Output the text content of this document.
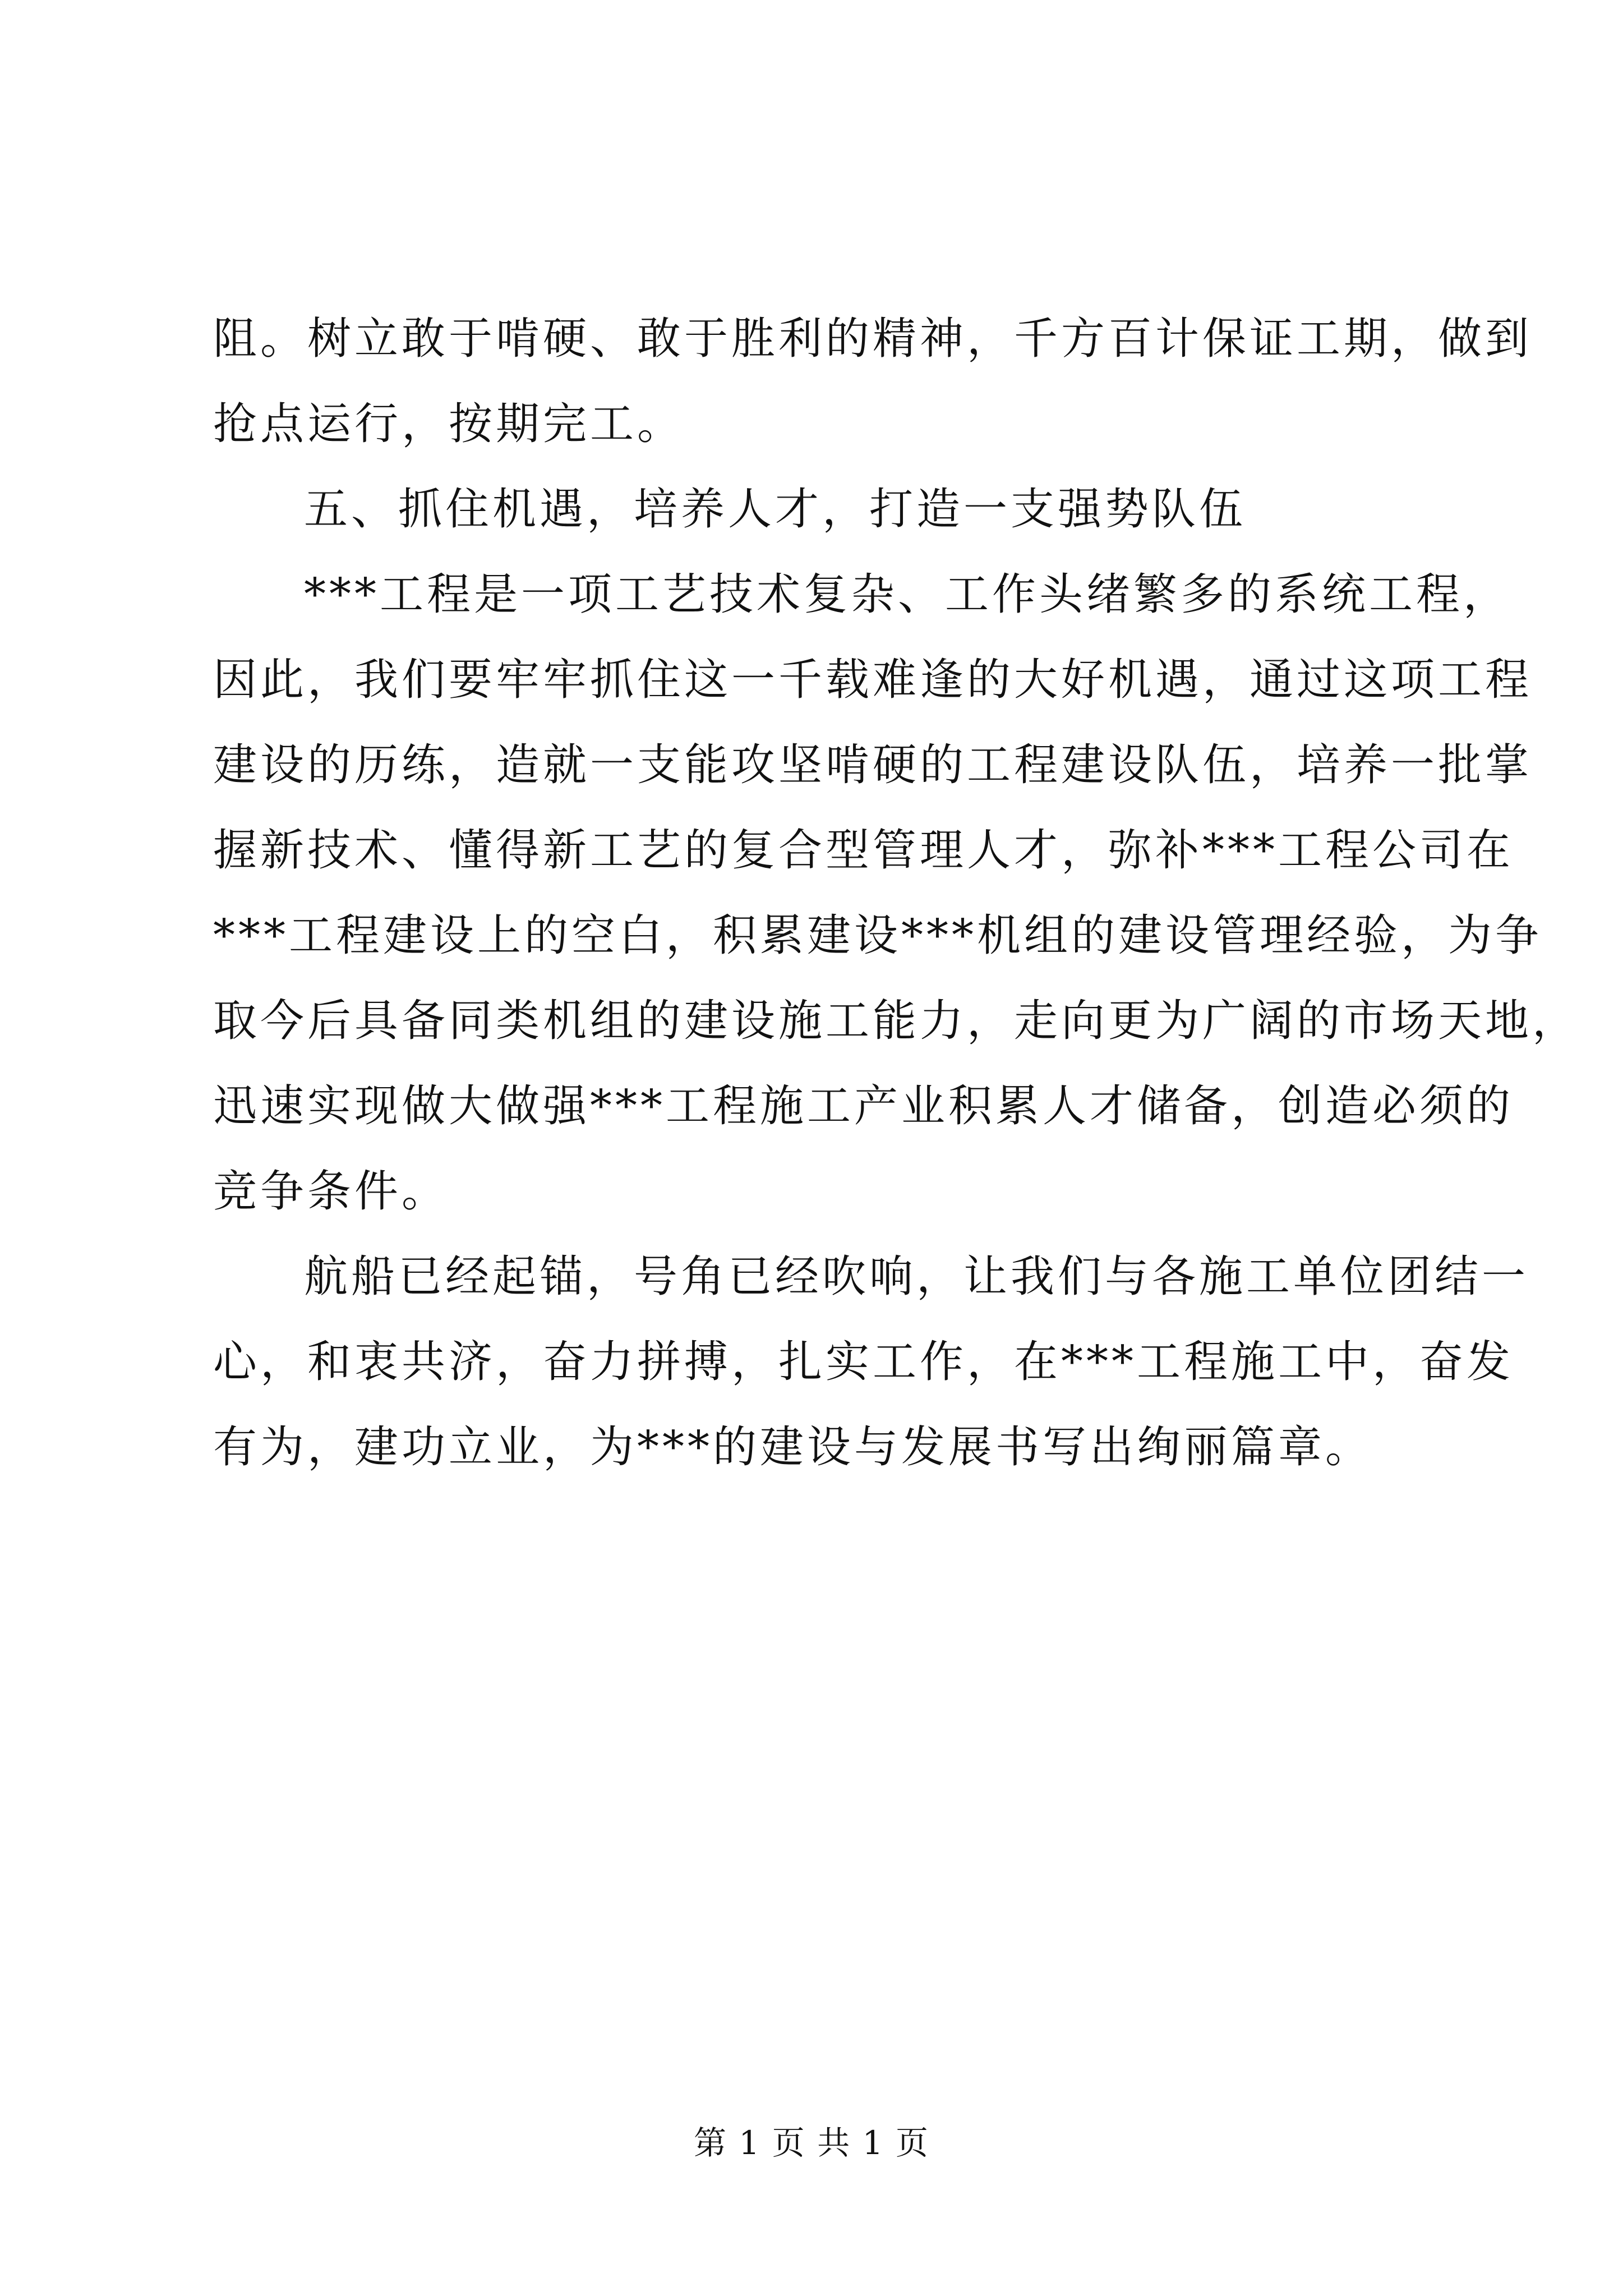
阻。树立敢于啃硬、敢于胜利的精神，千方百计保证工期，做到
抢点运行，按期完工。
五、抓住机遇，培养人才，打造一支强势队伍
***工程是一项工艺技术复杂、工作头绪繁多的系统工程，
因此，我们要牢牢抓住这一千载难逢的大好机遇，通过这项工程
建设的历练，造就一支能攻坚啃硬的工程建设队伍，培养一批掌
握新技术、懂得新工艺的复合型管理人才，弥补***工程公司在
***工程建设上的空白，积累建设***机组的建设管理经验，为争
取今后具备同类机组的建设施工能力，走向更为广阔的市场天地，
迅速实现做大做强***工程施工产业积累人才储备，创造必须的
竞争条件。
航船已经起锚，号角已经吹响，让我们与各施工单位团结一
心，和衷共济，奋力拼搏，扎实工作，在***工程施工中，奋发
有为，建功立业，为***的建设与发展书写出绚丽篇章。
第 1 页 共 1 页
